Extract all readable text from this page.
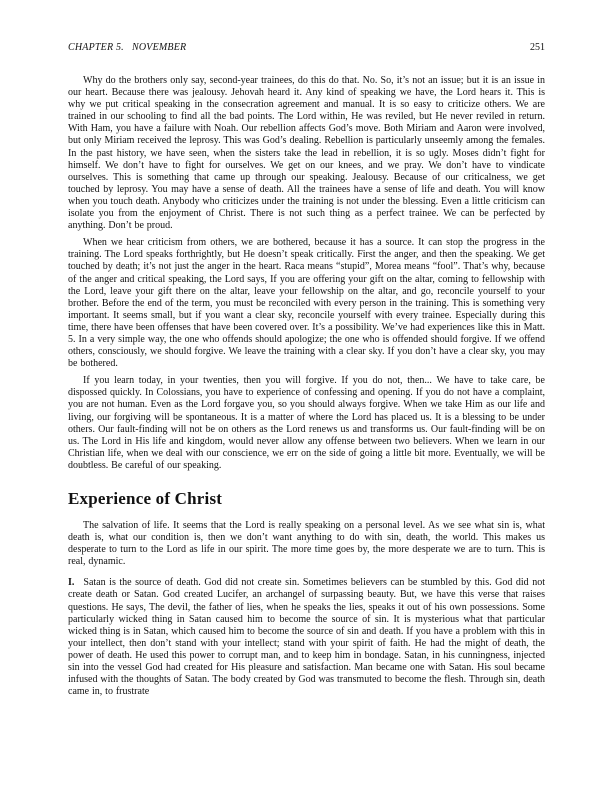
CHAPTER 5.   NOVEMBER	251

Why do the brothers only say, second-year trainees, do this do that. No. So, it’s not an issue; but it is an issue in our heart. Because there was jealousy. Jehovah heard it. Any kind of speaking we have, the Lord hears it. This is why we put critical speaking in the consecration agreement and manual. It is so easy to criticize others. We are trained in our schooling to find all the bad points. The Lord within, He was reviled, but He never reviled in return. With Ham, you have a failure with Noah. Our rebellion affects God’s move. Both Miriam and Aaron were involved, but only Miriam received the leprosy. This was God’s dealing. Rebellion is particularly unseemly among the females. In the past history, we have seen, when the sisters take the lead in rebellion, it is so ugly. Moses didn’t fight for himself. We don’t have to fight for ourselves. We get on our knees, and we pray. We don’t have to vindicate ourselves. This is something that came up through our speaking. Jealousy. Because of our criticalness, we get touched by leprosy. You may have a sense of death. All the trainees have a sense of life and death. You will know when you touch death. Anybody who criticizes under the training is not under the blessing. Even a little criticism can isolate you from the enjoyment of Christ. There is not such thing as a perfect trainee. We can be perfected by anything. Don’t be proud.

When we hear criticism from others, we are bothered, because it has a source. It can stop the progress in the training. The Lord speaks forthrightly, but He doesn’t speak critically. First the anger, and then the speaking. We get touched by death; it’s not just the anger in the heart. Raca means “stupid”, Morea means “fool”. That’s why, because of the anger and critical speaking, the Lord says, If you are offering your gift on the altar, coming to fellowship with the Lord, leave your gift there on the altar, leave your fellowship on the altar, and go, reconcile yourself to your brother. Before the end of the term, you must be reconciled with every person in the training. This is something very important. It seems small, but if you want a clear sky, reconcile yourself with every trainee. Especially during this time, there have been offenses that have been covered over. It’s a possibility. We’ve had experiences like this in Matt. 5. In a very simple way, the one who offends should apologize; the one who is offended should forgive. If we offend others, consciously, we should forgive. We leave the training with a clear sky. If you don’t have a clear sky, you may be bothered.

If you learn today, in your twenties, then you will forgive. If you do not, then... We have to take care, be dispossed quickly. In Colossians, you have to experience of confessing and opening. If you do not have a complaint, you are not human. Even as the Lord forgave you, so you should always forgive. When we take Him as our life and living, our forgiving will be spontaneous. It is a matter of where the Lord has placed us. It is a blessing to be under others. Our fault-finding will not be on others as the Lord renews us and transforms us. Our fault-finding will be on us. The Lord in His life and kingdom, would never allow any offense between two believers. When we learn in our Christian life, when we deal with our conscience, we err on the side of going a little bit more. Eventually, we will be doubtless. Be careful of our speaking.

Experience of Christ

The salvation of life. It seems that the Lord is really speaking on a personal level. As we see what sin is, what death is, what our condition is, then we don’t want anything to do with sin, death, the world. This makes us desperate to turn to the Lord as life in our spirit. The more time goes by, the more desperate we are to turn. This is real, dynamic.

I. Satan is the source of death. God did not create sin. Sometimes believers can be stumbled by this. God did not create death or Satan. God created Lucifer, an archangel of surpassing beauty. But, we have this verse that raises questions. He says, The devil, the father of lies, when he speaks the lies, speaks it out of his own possessions. Some particularly wicked thing in Satan caused him to become the source of sin. It is mysterious what that particular wicked thing is in Satan, which caused him to become the source of sin and death. If you have a problem with this in your intellect, then don’t stand with your intellect; stand with your spirit of faith. He had the might of death, the power of death. He used this power to corrupt man, and to keep him in bondage. Satan, in his cunningness, injected sin into the vessel God had created for His pleasure and satisfaction. Man became one with Satan. His soul became infused with the thoughts of Satan. The body created by God was transmuted to become the flesh. Through sin, death came in, to frustrate
